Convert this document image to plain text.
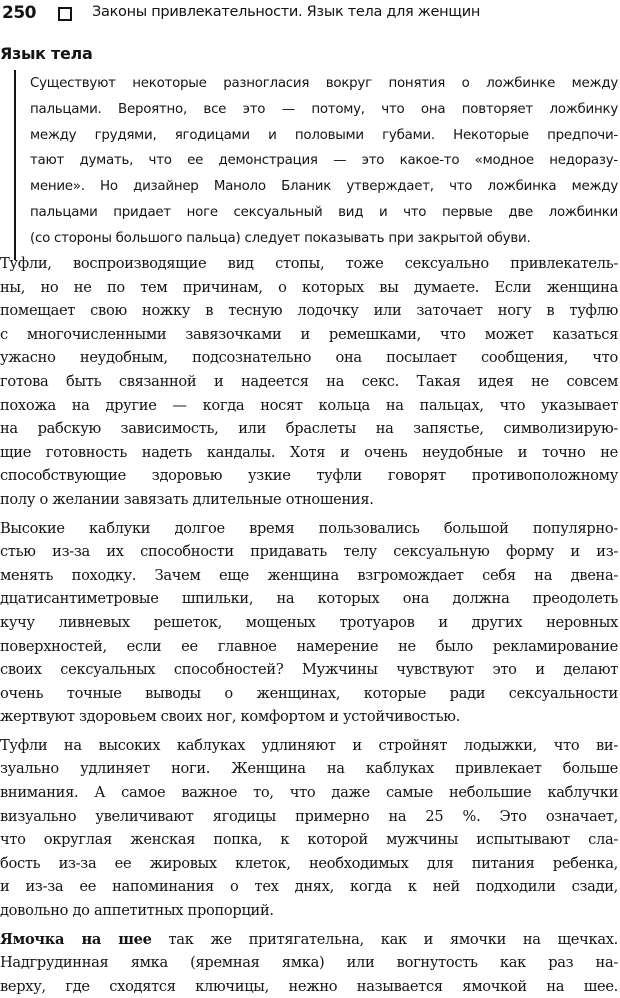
250	Законы привлекательности. Язык тела для женщин
Язык тела
Существуют некоторые разногласия вокруг понятия о ложбинке между
пальцами. Вероятно, все это — потому, что она повторяет ложбинку
между грудями, ягодицами и половыми губами. Некоторые предпочи-
тают думать, что ее демонстрация — это какое-то «модное недоразу-
мение». Но дизайнер Маноло Бланик утверждает, что ложбинка между
пальцами придает ноге сексуальный вид и что первые две ложбинки
(со стороны большого пальца) следует показывать при закрытой обуви.
Туфли, воспроизводящие вид стопы, тоже сексуально привлекатель-
ны, но не по тем причинам, о которых вы думаете. Если женщина
помещает свою ножку в тесную лодочку или заточает ногу в туфлю
с многочисленными завязочками и ремешками, что может казаться
ужасно неудобным, подсознательно она посылает сообщения, что
готова быть связанной и надеется на секс. Такая идея не совсем
похожа на другие — когда носят кольца на пальцах, что указывает
на рабскую зависимость, или браслеты на запястье, символизирую-
щие готовность надеть кандалы. Хотя и очень неудобные и точно не
способствующие здоровью узкие туфли говорят противоположному
полу о желании завязать длительные отношения.
Высокие каблуки долгое время пользовались большой популярно-
стью из-за их способности придавать телу сексуальную форму и из-
менять походку. Зачем еще женщина взгромождает себя на двена-
дцатисантиметровые шпильки, на которых она должна преодолеть
кучу ливневых решеток, мощеных тротуаров и других неровных
поверхностей, если ее главное намерение не было рекламирование
своих сексуальных способностей? Мужчины чувствуют это и делают
очень точные выводы о женщинах, которые ради сексуальности
жертвуют здоровьем своих ног, комфортом и устойчивостью.
Туфли на высоких каблуках удлиняют и стройнят лодыжки, что ви-
зуально удлиняет ноги. Женщина на каблуках привлекает больше
внимания. А самое важное то, что даже самые небольшие каблучки
визуально увеличивают ягодицы примерно на 25 %. Это означает,
что округлая женская попка, к которой мужчины испытывают сла-
бость из-за ее жировых клеток, необходимых для питания ребенка,
и из-за ее напоминания о тех днях, когда к ней подходили сзади,
довольно до аппетитных пропорций.
Ямочка на шее так же притягательна, как и ямочки на щечках.
Надгрудинная ямка (яремная ямка) или вогнутость как раз на-
верху, где сходятся ключицы, нежно называется ямочкой на шее.
